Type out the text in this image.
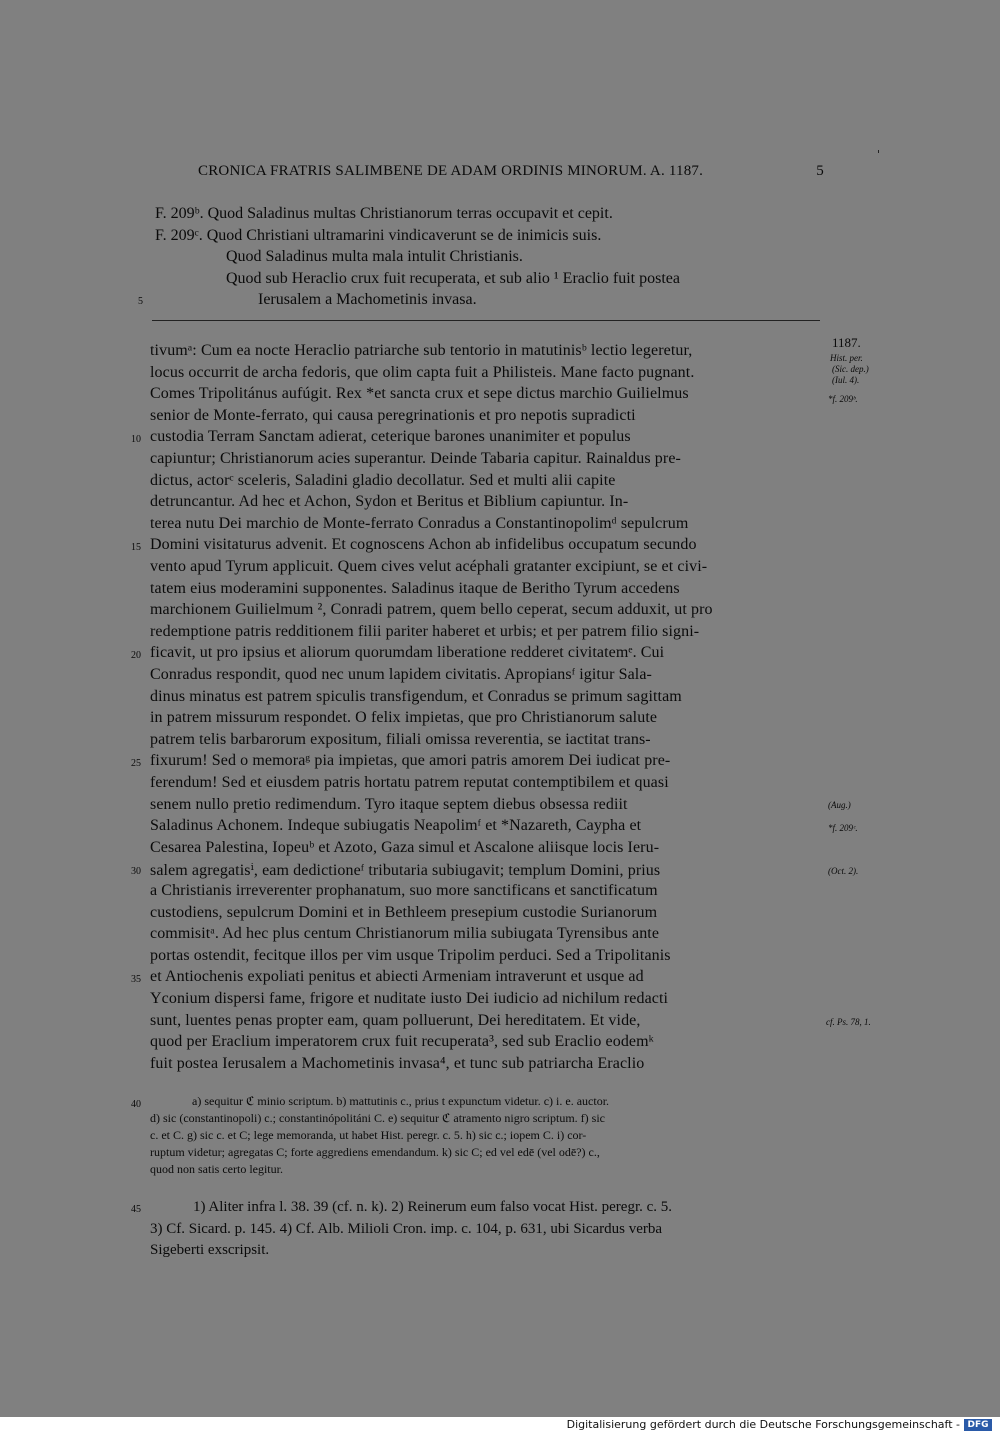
CRONICA FRATRIS SALIMBENE DE ADAM ORDINIS MINORUM. A. 1187.	5
F. 209ᵇ. Quod Saladinus multas Christianorum terras occupavit et cepit.
F. 209ᶜ. Quod Christiani ultramarini vindicaverunt se de inimicis suis.
Quod Saladinus multa mala intulit Christianis.
Quod sub Heraclio crux fuit recuperata, et sub alio ¹ Eraclio fuit postea
Ierusalem a Machometinis invasa.
5
tivumᵃ: Cum ea nocte Heraclio patriarche sub tentorio in matutinisᵇ lectio legeretur,
locus occurrit de archa fedoris, que olim capta fuit a Philisteis. Mane facto pugnant.
Comes Tripolitánus aufúgit. Rex *et sancta crux et sepe dictus marchio Guilielmus
senior de Monte-ferrato, qui causa peregrinationis et pro nepotis supradicti
custodia Terram Sanctam adierat, ceterique barones unanimiter et populus
capiuntur; Christianorum acies superantur. Deinde Tabaria capitur. Rainaldus pre-
dictus, actorᶜ sceleris, Saladini gladio decollatur. Sed et multi alii capite
detruncantur. Ad hec et Achon, Sydon et Beritus et Biblium capiuntur. In-
terea nutu Dei marchio de Monte-ferrato Conradus a Constantinopolimᵈ sepulcrum
Domini visitaturus advenit. Et cognoscens Achon ab infidelibus occupatum secundo
vento apud Tyrum applicuit. Quem cives velut acéphali gratanter excipiunt, se et civi-
tatem eius moderamini supponentes. Saladinus itaque de Beritho Tyrum accedens
marchionem Guilielmum ², Conradi patrem, quem bello ceperat, secum adduxit, ut pro
redemptione patris redditionem filii pariter haberet et urbis; et per patrem filio signi-
ficavit, ut pro ipsius et aliorum quorumdam liberatione redderet civitatemᵉ. Cui
Conradus respondit, quod nec unum lapidem civitatis. Apropiansᶠ igitur Sala-
dinus minatus est patrem spiculis transfigendum, et Conradus se primum sagittam
in patrem missurum respondet. O felix impietas, que pro Christianorum salute
patrem telis barbarorum expositum, filiali omissa reverentia, se iactitat trans-
fixurum! Sed o memoraᵍ pia impietas, que amori patris amorem Dei iudicat pre-
ferendum! Sed et eiusdem patris hortatu patrem reputat contemptibilem et quasi
senem nullo pretio redimendum. Tyro itaque septem diebus obsessa rediit
Saladinus Achonem. Indeque subiugatis Neapolimᶠ et *Nazareth, Caypha et
Cesarea Palestina, Iopeuᵇ et Azoto, Gaza simul et Ascalone aliisque locis Ieru-
salem agregatisⁱ, eam dedictioneᶠ tributaria subiugavit; templum Domini, prius
a Christianis irreverenter prophanatum, suo more sanctificans et sanctificatum
custodiens, sepulcrum Domini et in Bethleem presepium custodie Surianorum
commisitᵃ. Ad hec plus centum Christianorum milia subiugata Tyrensibus ante
portas ostendit, fecitque illos per vim usque Tripolim perduci. Sed a Tripolitanis
et Antiochenis expoliati penitus et abiecti Armeniam intraverunt et usque ad
Yconium dispersi fame, frigore et nuditate iusto Dei iudicio ad nichilum redacti
sunt, luentes penas propter eam, quam polluerunt, Dei hereditatem. Et vide,
quod per Eraclium imperatorem crux fuit recuperata³, sed sub Eraclio eodemᵏ
fuit postea Ierusalem a Machometinis invasa⁴, et tunc sub patriarcha Eraclio
10
15
20
25
30
35
1187.
Hist. per.
(Sic. dep.)
(Iul. 4).
*f. 209ᵇ.
(Aug.)
*f. 209ᶜ.
(Oct. 2).
cf. Ps. 78, 1.
a) sequitur ℭ minio scriptum. b) mattutinis c., prius t expunctum videtur. c) i. e. auctor.
d) sic (constantinopoli) c.; constantinópolitáni C. e) sequitur ℭ atramento nigro scriptum. f) sic
c. et C. g) sic c. et C; lege memoranda, ut habet Hist. peregr. c. 5. h) sic c.; iopem C. i) cor-
ruptum videtur; agregatas C; forte aggrediens emendandum. k) sic C; ed vel edē (vel odē?) c.,
quod non satis certo legitur.
40
1) Aliter infra l. 38. 39 (cf. n. k). 2) Reinerum eum falso vocat Hist. peregr. c. 5.
3) Cf. Sicard. p. 145. 4) Cf. Alb. Milioli Cron. imp. c. 104, p. 631, ubi Sicardus verba
Sigeberti exscripsit.
45
Digitalisierung gefördert durch die Deutsche Forschungsgemeinschaft - DFG
